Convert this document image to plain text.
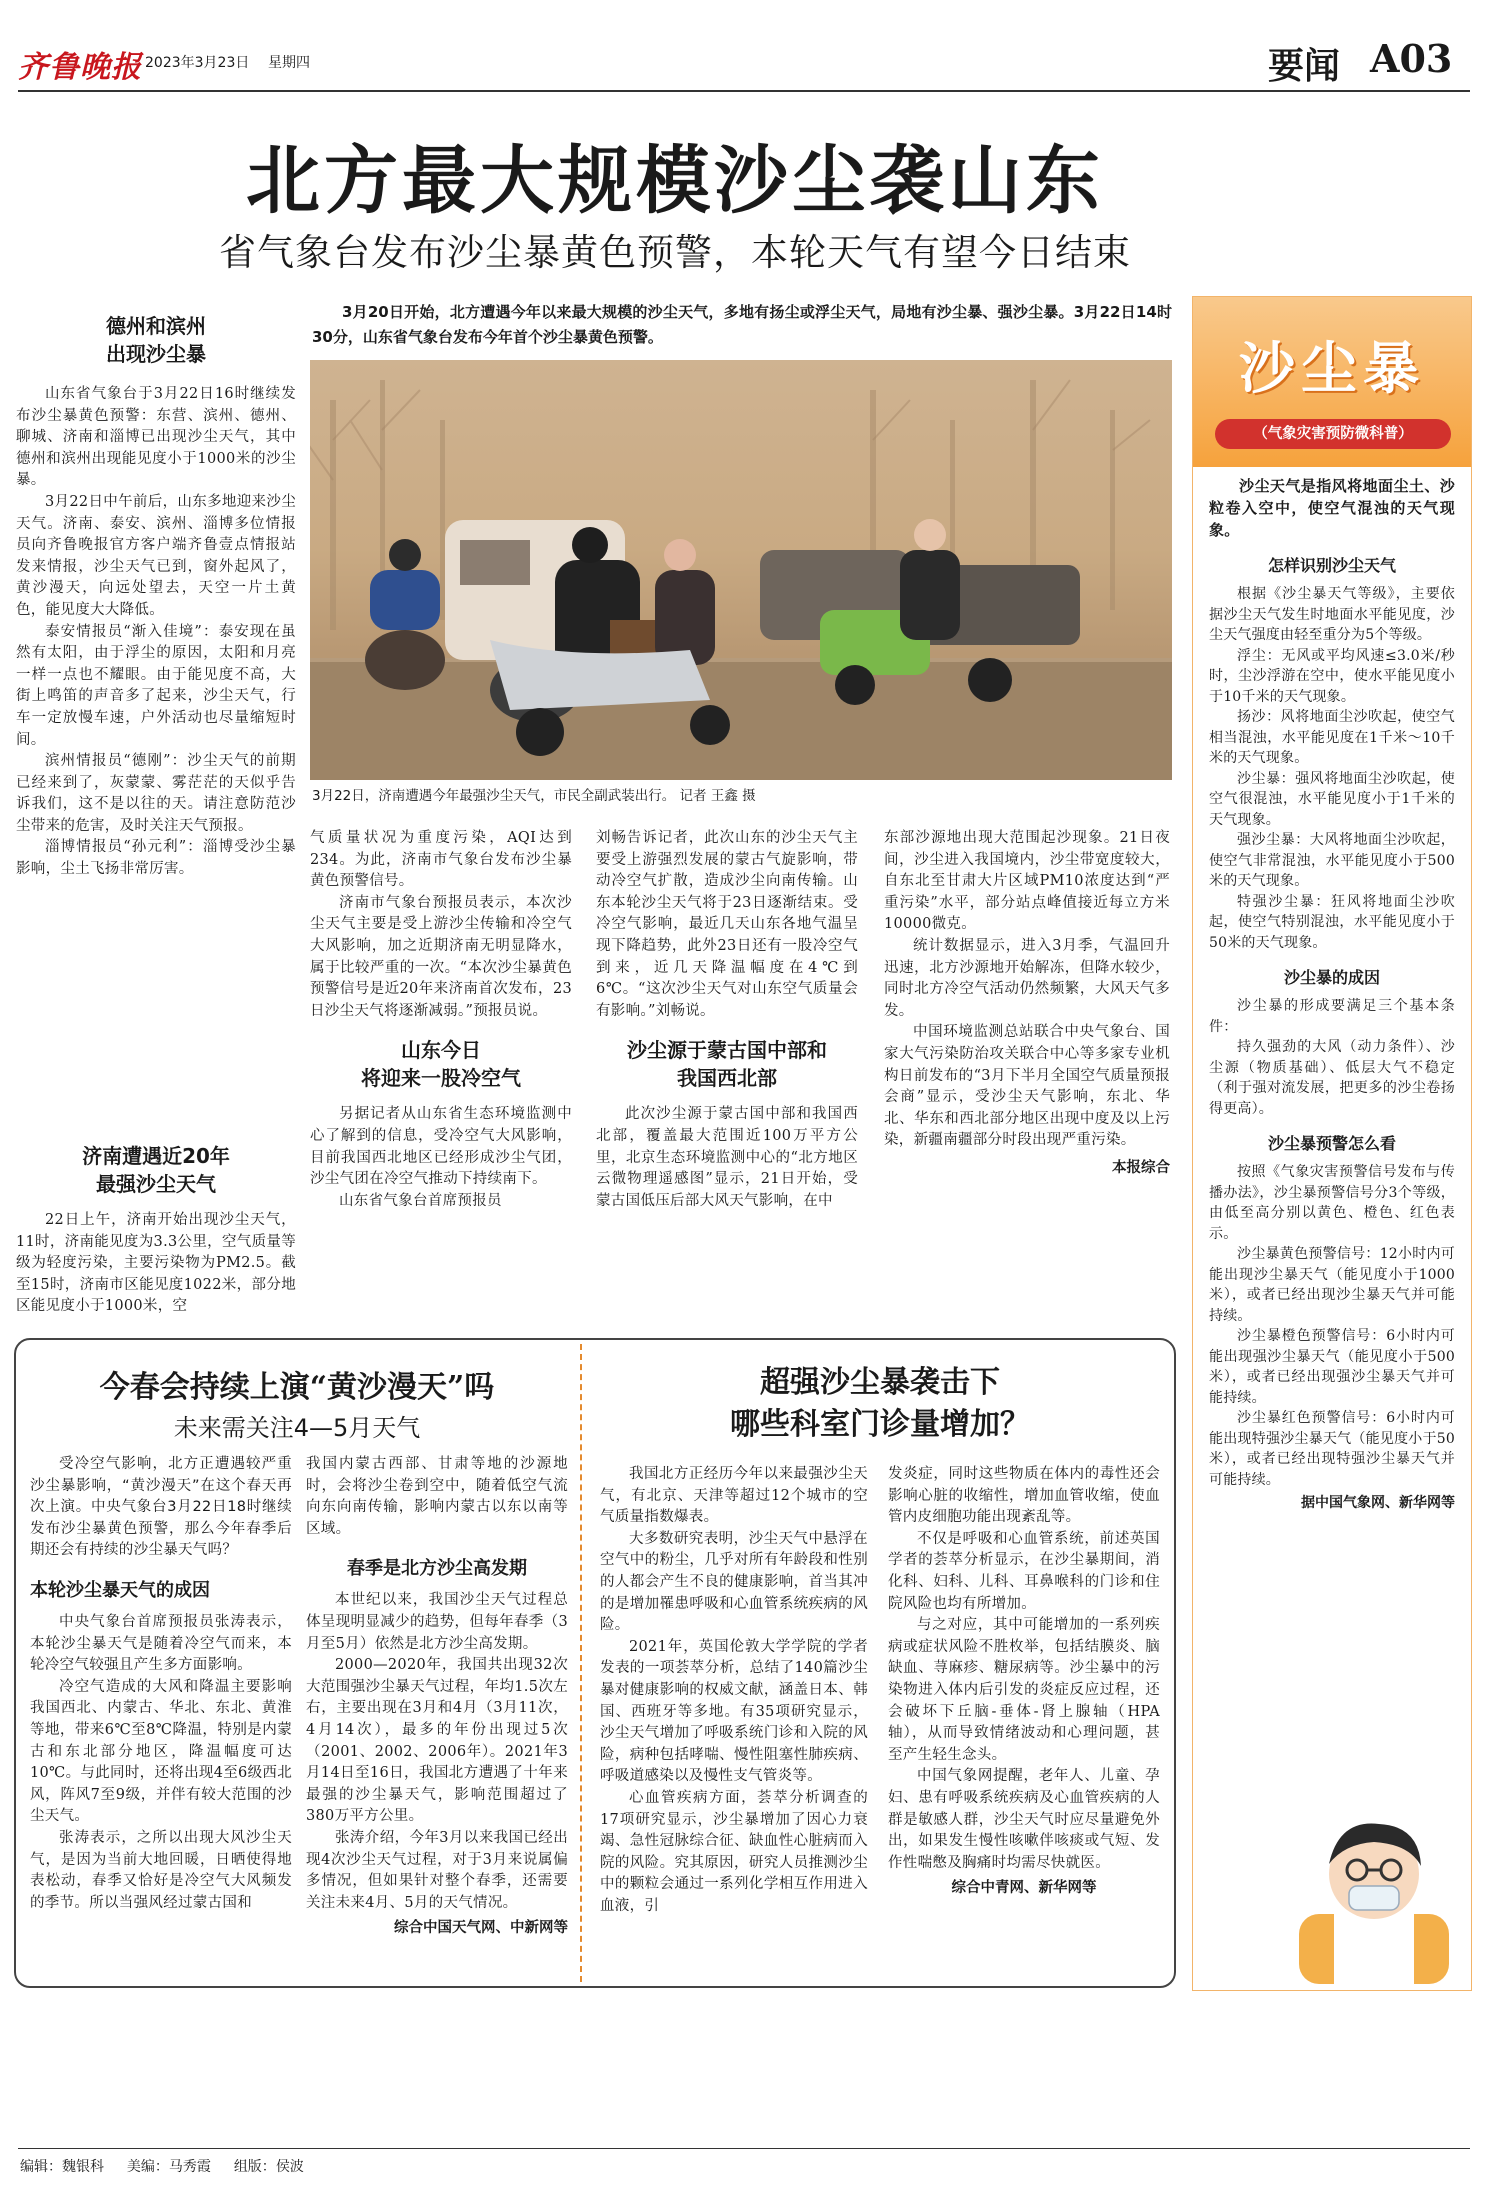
齐鲁晚报 2023年3月23日 星期四	要闻 A03
北方最大规模沙尘袭山东
省气象台发布沙尘暴黄色预警，本轮天气有望今日结束
3月20日开始，北方遭遇今年以来最大规模的沙尘天气，多地有扬尘或浮尘天气，局地有沙尘暴、强沙尘暴。3月22日14时30分，山东省气象台发布今年首个沙尘暴黄色预警。
3月22日，济南遭遇今年最强沙尘天气，市民全副武装出行。 记者 王鑫 摄
德州和滨州
出现沙尘暴

山东省气象台于3月22日16时继续发布沙尘暴黄色预警：东营、滨州、德州、聊城、济南和淄博已出现沙尘天气，其中德州和滨州出现能见度小于1000米的沙尘暴。

3月22日中午前后，山东多地迎来沙尘天气。济南、泰安、滨州、淄博多位情报员向齐鲁晚报官方客户端齐鲁壹点情报站发来情报，沙尘天气已到，窗外起风了，黄沙漫天，向远处望去，天空一片土黄色，能见度大大降低。

泰安情报员“渐入佳境”：泰安现在虽然有太阳，由于浮尘的原因，太阳和月亮一样一点也不耀眼。由于能见度不高，大街上鸣笛的声音多了起来，沙尘天气，行车一定放慢车速，户外活动也尽量缩短时间。

滨州情报员“德刚”：沙尘天气的前期已经来到了，灰蒙蒙、雾茫茫的天似乎告诉我们，这不是以往的天。请注意防范沙尘带来的危害，及时关注天气预报。

淄博情报员“孙元利”：淄博受沙尘暴影响，尘土飞扬非常厉害。

济南遭遇近20年
最强沙尘天气

22日上午，济南开始出现沙尘天气，11时，济南能见度为3.3公里，空气质量等级为轻度污染，主要污染物为PM2.5。截至15时，济南市区能见度1022米，部分地区能见度小于1000米，空

气质量状况为重度污染，AQI达到234。为此，济南市气象台发布沙尘暴黄色预警信号。

济南市气象台预报员表示，本次沙尘天气主要是受上游沙尘传输和冷空气大风影响，加之近期济南无明显降水，属于比较严重的一次。“本次沙尘暴黄色预警信号是近20年来济南首次发布，23日沙尘天气将逐渐减弱。”预报员说。

山东今日
将迎来一股冷空气

另据记者从山东省生态环境监测中心了解到的信息，受冷空气大风影响，目前我国西北地区已经形成沙尘气团，沙尘气团在冷空气推动下持续南下。

山东省气象台首席预报员

刘畅告诉记者，此次山东的沙尘天气主要受上游强烈发展的蒙古气旋影响，带动冷空气扩散，造成沙尘向南传输。山东本轮沙尘天气将于23日逐渐结束。受冷空气影响，最近几天山东各地气温呈现下降趋势，此外23日还有一股冷空气到来，近几天降温幅度在4℃到6℃。“这次沙尘天气对山东空气质量会有影响。”刘畅说。

沙尘源于蒙古国中部和
我国西北部

此次沙尘源于蒙古国中部和我国西北部，覆盖最大范围近100万平方公里，北京生态环境监测中心的“北方地区云微物理遥感图”显示，21日开始，受蒙古国低压后部大风天气影响，在中

东部沙源地出现大范围起沙现象。21日夜间，沙尘进入我国境内，沙尘带宽度较大，自东北至甘肃大片区域PM10浓度达到“严重污染”水平，部分站点峰值接近每立方米10000微克。

统计数据显示，进入3月季，气温回升迅速，北方沙源地开始解冻，但降水较少，同时北方冷空气活动仍然频繁，大风天气多发。

中国环境监测总站联合中央气象台、国家大气污染防治攻关联合中心等多家专业机构日前发布的“3月下半月全国空气质量预报会商”显示，受沙尘天气影响，东北、华北、华东和西北部分地区出现中度及以上污染，新疆南疆部分时段出现严重污染。

本报综合
沙尘暴
（气象灾害预防微科普）

沙尘天气是指风将地面尘土、沙粒卷入空中，使空气混浊的天气现象。

怎样识别沙尘天气

根据《沙尘暴天气等级》，主要依据沙尘天气发生时地面水平能见度，沙尘天气强度由轻至重分为5个等级。

浮尘：无风或平均风速≤3.0米/秒时，尘沙浮游在空中，使水平能见度小于10千米的天气现象。

扬沙：风将地面尘沙吹起，使空气相当混浊，水平能见度在1千米～10千米的天气现象。

沙尘暴：强风将地面尘沙吹起，使空气很混浊，水平能见度小于1千米的天气现象。

强沙尘暴：大风将地面尘沙吹起，使空气非常混浊，水平能见度小于500米的天气现象。

特强沙尘暴：狂风将地面尘沙吹起，使空气特别混浊，水平能见度小于50米的天气现象。

沙尘暴的成因

沙尘暴的形成要满足三个基本条件：

持久强劲的大风（动力条件）、沙尘源（物质基础）、低层大气不稳定（利于强对流发展，把更多的沙尘卷扬得更高）。

沙尘暴预警怎么看

按照《气象灾害预警信号发布与传播办法》，沙尘暴预警信号分3个等级，由低至高分别以黄色、橙色、红色表示。

沙尘暴黄色预警信号：12小时内可能出现沙尘暴天气（能见度小于1000米），或者已经出现沙尘暴天气并可能持续。

沙尘暴橙色预警信号：6小时内可能出现强沙尘暴天气（能见度小于500米），或者已经出现强沙尘暴天气并可能持续。

沙尘暴红色预警信号：6小时内可能出现特强沙尘暴天气（能见度小于50米），或者已经出现特强沙尘暴天气并可能持续。

据中国气象网、新华网等
今春会持续上演“黄沙漫天”吗
未来需关注4—5月天气

受冷空气影响，北方正遭遇较严重沙尘暴影响，“黄沙漫天”在这个春天再次上演。中央气象台3月22日18时继续发布沙尘暴黄色预警，那么今年春季后期还会有持续的沙尘暴天气吗？

本轮沙尘暴天气的成因

中央气象台首席预报员张涛表示，本轮沙尘暴天气是随着冷空气而来，本轮冷空气较强且产生多方面影响。

冷空气造成的大风和降温主要影响我国西北、内蒙古、华北、东北、黄淮等地，带来6℃至8℃降温，特别是内蒙古和东北部分地区，降温幅度可达10℃。与此同时，还将出现4至6级西北风，阵风7至9级，并伴有较大范围的沙尘天气。

张涛表示，之所以出现大风沙尘天气，是因为当前大地回暖，日晒使得地表松动，春季又恰好是冷空气大风频发的季节。所以当强风经过蒙古国和

我国内蒙古西部、甘肃等地的沙源地时，会将沙尘卷到空中，随着低空气流向东向南传输，影响内蒙古以东以南等区域。

春季是北方沙尘高发期

本世纪以来，我国沙尘天气过程总体呈现明显减少的趋势，但每年春季（3月至5月）依然是北方沙尘高发期。

2000—2020年，我国共出现32次大范围强沙尘暴天气过程，年均1.5次左右，主要出现在3月和4月（3月11次，4月14次），最多的年份出现过5次（2001、2002、2006年）。2021年3月14日至16日，我国北方遭遇了十年来最强的沙尘暴天气，影响范围超过了380万平方公里。

张涛介绍，今年3月以来我国已经出现4次沙尘天气过程，对于3月来说属偏多情况，但如果针对整个春季，还需要关注未来4月、5月的天气情况。

综合中国天气网、中新网等
超强沙尘暴袭击下
哪些科室门诊量增加？

我国北方正经历今年以来最强沙尘天气，有北京、天津等超过12个城市的空气质量指数爆表。

大多数研究表明，沙尘天气中悬浮在空气中的粉尘，几乎对所有年龄段和性别的人都会产生不良的健康影响，首当其冲的是增加罹患呼吸和心血管系统疾病的风险。

2021年，英国伦敦大学学院的学者发表的一项荟萃分析，总结了140篇沙尘暴对健康影响的权威文献，涵盖日本、韩国、西班牙等多地。有35项研究显示，沙尘天气增加了呼吸系统门诊和入院的风险，病种包括哮喘、慢性阻塞性肺疾病、呼吸道感染以及慢性支气管炎等。

心血管疾病方面，荟萃分析调查的17项研究显示，沙尘暴增加了因心力衰竭、急性冠脉综合征、缺血性心脏病而入院的风险。究其原因，研究人员推测沙尘中的颗粒会通过一系列化学相互作用进入血液，引

发炎症，同时这些物质在体内的毒性还会影响心脏的收缩性，增加血管收缩，使血管内皮细胞功能出现紊乱等。

不仅是呼吸和心血管系统，前述英国学者的荟萃分析显示，在沙尘暴期间，消化科、妇科、儿科、耳鼻喉科的门诊和住院风险也均有所增加。

与之对应，其中可能增加的一系列疾病或症状风险不胜枚举，包括结膜炎、脑缺血、荨麻疹、糖尿病等。沙尘暴中的污染物进入体内后引发的炎症反应过程，还会破坏下丘脑-垂体-肾上腺轴（HPA轴），从而导致情绪波动和心理问题，甚至产生轻生念头。

中国气象网提醒，老年人、儿童、孕妇、患有呼吸系统疾病及心血管疾病的人群是敏感人群，沙尘天气时应尽量避免外出，如果发生慢性咳嗽伴咳痰或气短、发作性喘憋及胸痛时均需尽快就医。

综合中青网、新华网等
编辑：魏银科 美编：马秀霞 组版：侯波
